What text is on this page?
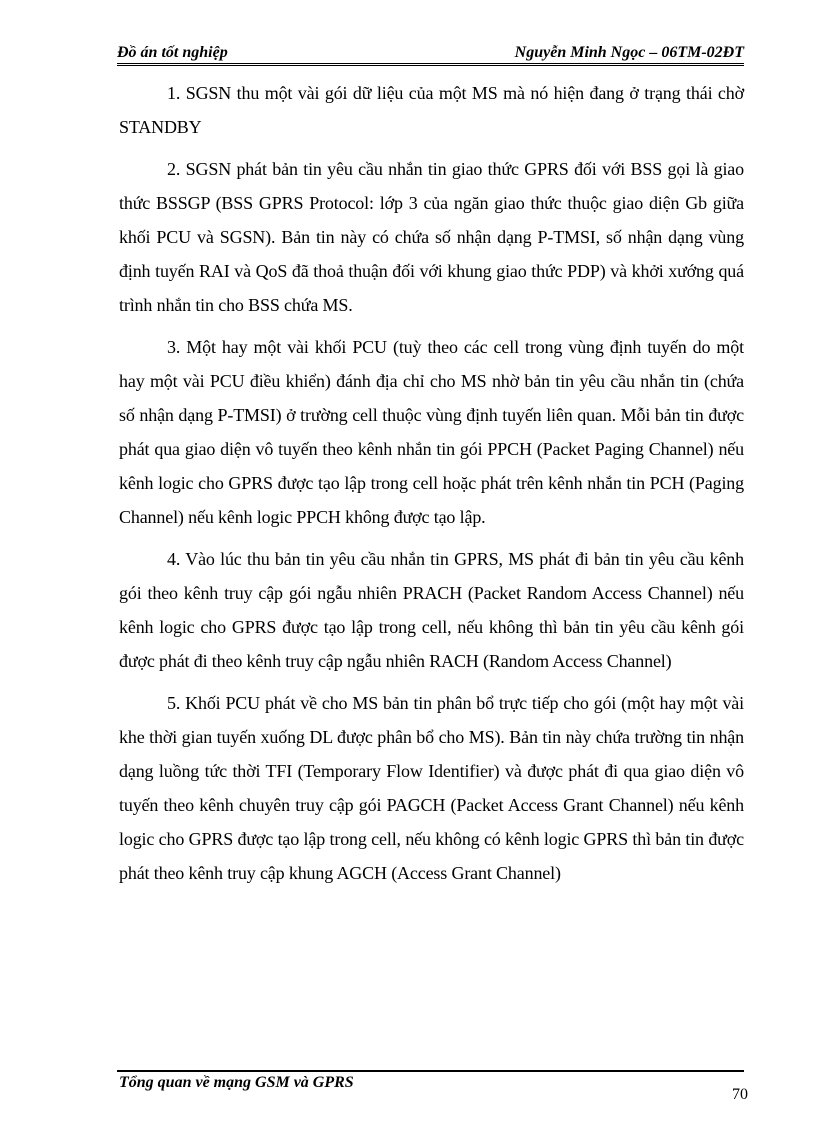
Đồ án tốt nghiệp	Nguyễn Minh Ngọc – 06TM-02ĐT

1. SGSN thu một vài gói dữ liệu của một MS mà nó hiện đang ở trạng thái chờ STANDBY

2. SGSN phát bản tin yêu cầu nhắn tin giao thức GPRS đối với BSS gọi là giao thức BSSGP (BSS GPRS Protocol: lớp 3 của ngăn giao thức thuộc giao diện Gb giữa khối PCU và SGSN). Bản tin này có chứa số nhận dạng P-TMSI, số nhận dạng vùng định tuyến RAI và QoS đã thoả thuận đối với khung giao thức PDP) và khởi xướng quá trình nhắn tin cho BSS chứa MS.

3. Một hay một vài khối PCU (tuỳ theo các cell trong vùng định tuyến do một hay một vài PCU điều khiển) đánh địa chỉ cho MS nhờ bản tin yêu cầu nhắn tin (chứa số nhận dạng P-TMSI) ở trường cell thuộc vùng định tuyến liên quan. Mỗi bản tin được phát qua giao diện vô tuyến theo kênh nhắn tin gói PPCH (Packet Paging Channel) nếu kênh logic cho GPRS được tạo lập trong cell hoặc phát trên kênh nhắn tin PCH (Paging Channel) nếu kênh logic PPCH không được tạo lập.

4. Vào lúc thu bản tin yêu cầu nhắn tin GPRS, MS phát đi bản tin yêu cầu kênh gói theo kênh truy cập gói ngẫu nhiên PRACH (Packet Random Access Channel) nếu kênh logic cho GPRS được tạo lập trong cell, nếu không thì bản tin yêu cầu kênh gói được phát đi theo kênh truy cập ngẫu nhiên RACH (Random Access Channel)

5. Khối PCU phát về cho MS bản tin phân bổ trực tiếp cho gói (một hay một vài khe thời gian tuyến xuống DL được phân bổ cho MS). Bản tin này chứa trường tin nhận dạng luồng tức thời TFI (Temporary Flow Identifier) và được phát đi qua giao diện vô tuyến theo kênh chuyên truy cập gói PAGCH (Packet Access Grant Channel) nếu kênh logic cho GPRS được tạo lập trong cell, nếu không có kênh logic GPRS thì bản tin được phát theo kênh truy cập khung AGCH (Access Grant Channel)

Tổng quan về mạng GSM và GPRS
70
